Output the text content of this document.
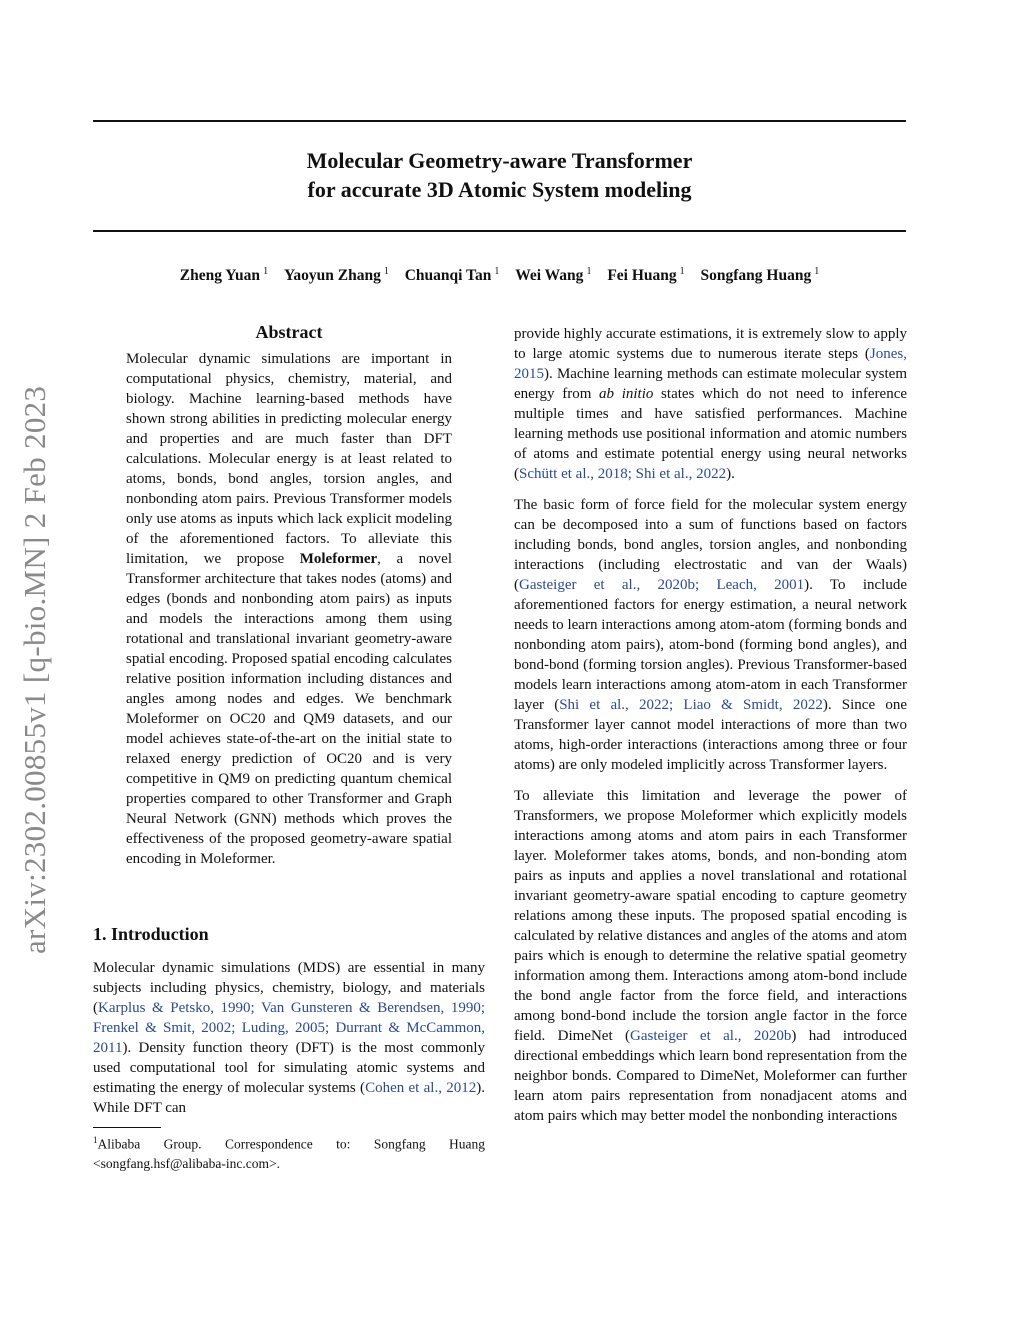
arXiv:2302.00855v1 [q-bio.MN] 2 Feb 2023
Molecular Geometry-aware Transformer
for accurate 3D Atomic System modeling
Zheng Yuan $^1$ Yaoyun Zhang $^1$ Chuanqi Tan $^1$ Wei Wang $^1$ Fei Huang $^1$ Songfang Huang $^1$
Abstract
Molecular dynamic simulations are important in computational physics, chemistry, material, and biology. Machine learning-based methods have shown strong abilities in predicting molecular energy and properties and are much faster than DFT calculations. Molecular energy is at least related to atoms, bonds, bond angles, torsion angles, and nonbonding atom pairs. Previous Transformer models only use atoms as inputs which lack explicit modeling of the aforementioned factors. To alleviate this limitation, we propose Moleformer, a novel Transformer architecture that takes nodes (atoms) and edges (bonds and nonbonding atom pairs) as inputs and models the interactions among them using rotational and translational invariant geometry-aware spatial encoding. Proposed spatial encoding calculates relative position information including distances and angles among nodes and edges. We benchmark Moleformer on OC20 and QM9 datasets, and our model achieves state-of-the-art on the initial state to relaxed energy prediction of OC20 and is very competitive in QM9 on predicting quantum chemical properties compared to other Transformer and Graph Neural Network (GNN) methods which proves the effectiveness of the proposed geometry-aware spatial encoding in Moleformer.
1. Introduction
Molecular dynamic simulations (MDS) are essential in many subjects including physics, chemistry, biology, and materials (Karplus & Petsko, 1990; Van Gunsteren & Berendsen, 1990; Frenkel & Smit, 2002; Luding, 2005; Durrant & McCammon, 2011). Density function theory (DFT) is the most commonly used computational tool for simulating atomic systems and estimating the energy of molecular systems (Cohen et al., 2012). While DFT can
$^1$Alibaba Group. Correspondence to: Songfang Huang <songfang.hsf@alibaba-inc.com>.

provide highly accurate estimations, it is extremely slow to apply to large atomic systems due to numerous iterate steps (Jones, 2015). Machine learning methods can estimate molecular system energy from ab initio states which do not need to inference multiple times and have satisfied performances. Machine learning methods use positional information and atomic numbers of atoms and estimate potential energy using neural networks (Schütt et al., 2018; Shi et al., 2022).

The basic form of force field for the molecular system energy can be decomposed into a sum of functions based on factors including bonds, bond angles, torsion angles, and nonbonding interactions (including electrostatic and van der Waals) (Gasteiger et al., 2020b; Leach, 2001). To include aforementioned factors for energy estimation, a neural network needs to learn interactions among atom-atom (forming bonds and nonbonding atom pairs), atom-bond (forming bond angles), and bond-bond (forming torsion angles). Previous Transformer-based models learn interactions among atom-atom in each Transformer layer (Shi et al., 2022; Liao & Smidt, 2022). Since one Transformer layer cannot model interactions of more than two atoms, high-order interactions (interactions among three or four atoms) are only modeled implicitly across Transformer layers.

To alleviate this limitation and leverage the power of Transformers, we propose Moleformer which explicitly models interactions among atoms and atom pairs in each Transformer layer. Moleformer takes atoms, bonds, and non-bonding atom pairs as inputs and applies a novel translational and rotational invariant geometry-aware spatial encoding to capture geometry relations among these inputs. The proposed spatial encoding is calculated by relative distances and angles of the atoms and atom pairs which is enough to determine the relative spatial geometry information among them. Interactions among atom-bond include the bond angle factor from the force field, and interactions among bond-bond include the torsion angle factor in the force field. DimeNet (Gasteiger et al., 2020b) had introduced directional embeddings which learn bond representation from the neighbor bonds. Compared to DimeNet, Moleformer can further learn atom pairs representation from nonadjacent atoms and atom pairs which may better model the nonbonding interactions
